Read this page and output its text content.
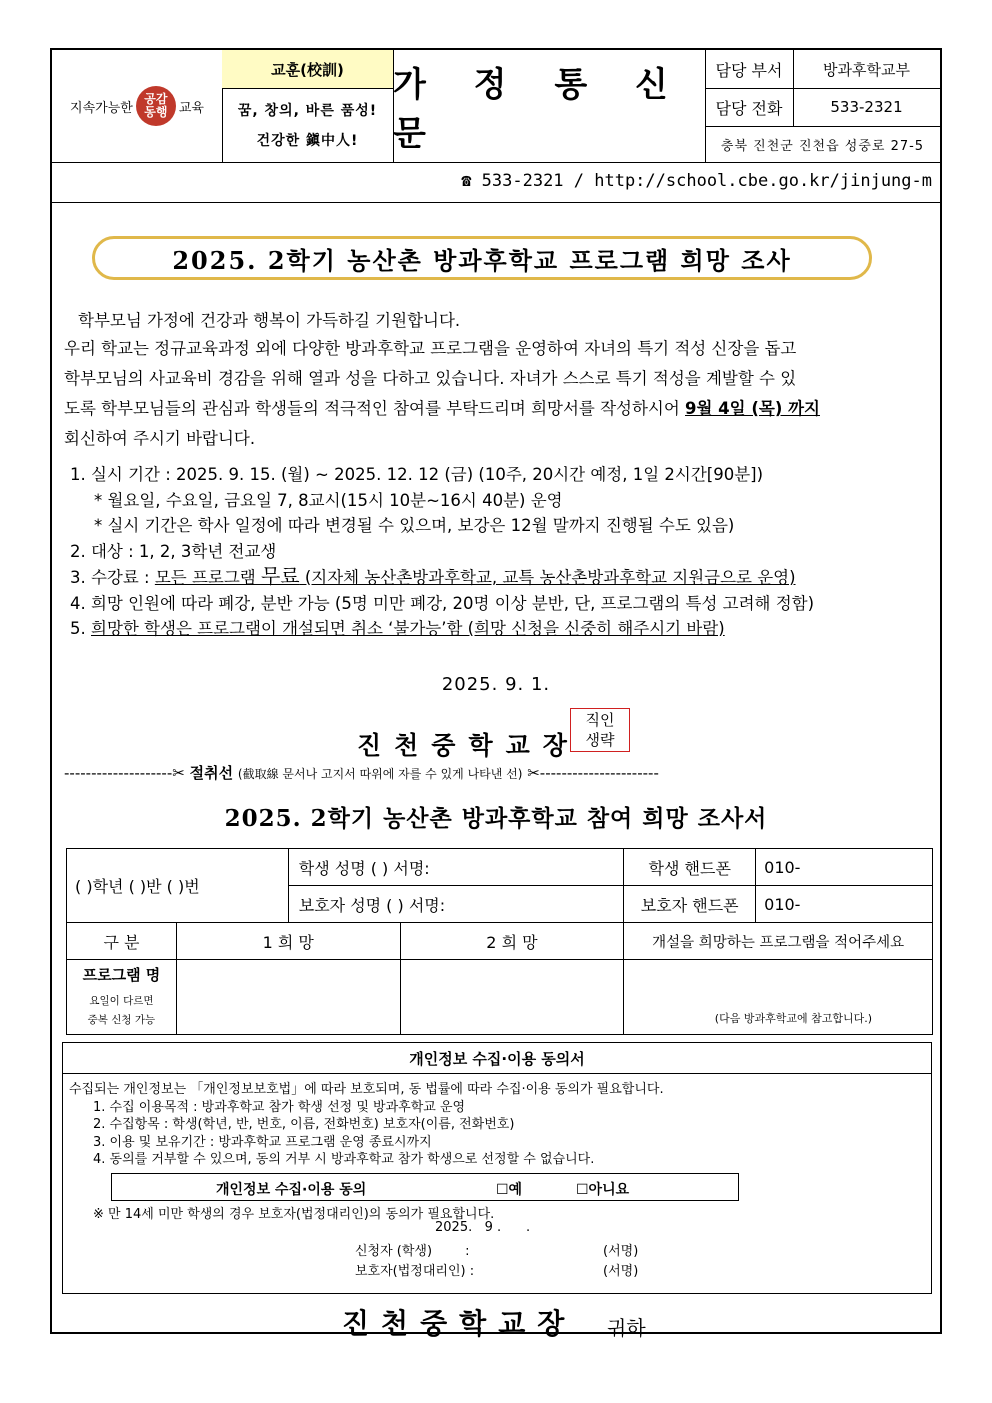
지속가능한
공감
동행 교육
교훈(校訓)
꿈, 창의, 바른 품성!
건강한 鎭中人!
가 정 통 신 문
담당 부서	방과후학교부
담당 전화	533-2321
충북 진천군 진천읍 성중로 27-5
☎ 533-2321 / http://school.cbe.go.kr/jinjung-m
2025. 2학기 농산촌 방과후학교 프로그램 희망 조사

학부모님 가정에 건강과 행복이 가득하길 기원합니다.

우리 학교는 정규교육과정 외에 다양한 방과후학교 프로그램을 운영하여 자녀의 특기 적성 신장을 돕고

학부모님의 사교육비 경감을 위해 열과 성을 다하고 있습니다. 자녀가 스스로 특기 적성을 계발할 수 있

도록 학부모님들의 관심과 학생들의 적극적인 참여를 부탁드리며 희망서를 작성하시어 9월 4일 (목) 까지

회신하여 주시기 바랍니다.

1. 실시 기간 : 2025. 9. 15. (월) ~ 2025. 12. 12 (금) (10주, 20시간 예정, 1일 2시간[90분])

* 월요일, 수요일, 금요일 7, 8교시(15시 10분~16시 40분) 운영

* 실시 기간은 학사 일정에 따라 변경될 수 있으며, 보강은 12월 말까지 진행될 수도 있음)

2. 대상 : 1, 2, 3학년 전교생

3. 수강료 : 모든 프로그램 무료 (지자체 농산촌방과후학교, 교특 농산촌방과후학교 지원금으로 운영)

4. 희망 인원에 따라 폐강, 분반 가능 (5명 미만 폐강, 20명 이상 분반, 단, 프로그램의 특성 고려해 정함)

5. 희망한 학생은 프로그램이 개설되면 취소 ‘불가능’함 (희망 신청을 신중히 해주시기 바람)

2025. 9. 1.
진천중학교장
직인
생략
--------------------✂ 절취선 (截取線 문서나 고지서 따위에 자를 수 있게 나타낸 선) ✂----------------------
2025. 2학기 농산촌 방과후학교 참여 희망 조사서
( )학년 ( )반 ( )번		학생 성명 ( ) 서명:		학생 핸드폰	010-
		보호자 성명 ( ) 서명:		보호자 핸드폰	010-
구 분	1 희 망		2 희 망	개설을 희망하는 프로그램을 적어주세요	

프로그램 명
요일이 다르면
중복 신청 가능				(다음 방과후학교에 참고합니다.)	
개인정보 수집·이용 동의서

수집되는 개인정보는 「개인정보보호법」에 따라 보호되며, 동 법률에 따라 수집·이용 동의가 필요합니다.

1. 수집 이용목적 : 방과후학교 참가 학생 선정 및 방과후학교 운영

2. 수집항목 : 학생(학년, 반, 번호, 이름, 전화번호) 보호자(이름, 전화번호)

3. 이용 및 보유기간 : 방과후학교 프로그램 운영 종료시까지

4. 동의를 거부할 수 있으며, 동의 거부 시 방과후학교 참가 학생으로 선정할 수 없습니다.

개인정보 수집·이용 동의	☐예	☐아니요
※ 만 14세 미만 학생의 경우 보호자(법정대리인)의 동의가 필요합니다.
2025.   9 .      .
신청자 (학생)        :	(서명)
보호자(법정대리인) :	(서명)
진천중학교장 귀하
